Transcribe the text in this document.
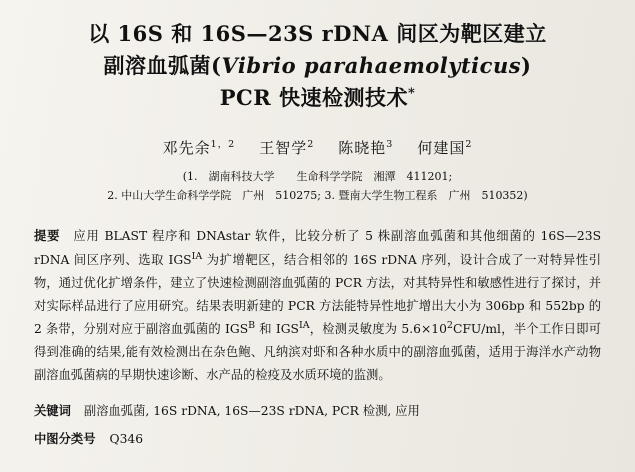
以 16S 和 16S—23S rDNA 间区为靶区建立
副溶血弧菌(Vibrio parahaemolyticus)
PCR 快速检测技术*
邓先余$^{1,2}$ 王智学$^2$ 陈晓艳$^3$ 何建国$^2$
(1.　湖南科技大学　　生命科学学院　湘潭　411201;
2. 中山大学生命科学学院　广州　510275; 3. 暨南大学生物工程系　广州　510352)
提要 应用 BLAST 程序和 DNAstar 软件，比较分析了 5 株副溶血弧菌和其他细菌的 16S—23S rDNA 间区序列、选取 $IGS^{IA}$ 为扩增靶区，结合相邻的 16S rDNA 序列，设计合成了一对特异性引物，通过优化扩增条件，建立了快速检测副溶血弧菌的 PCR 方法，对其特异性和敏感性进行了探讨，并对实际样品进行了应用研究。结果表明新建的 PCR 方法能特异性地扩增出大小为 306bp 和 552bp 的 2 条带，分别对应于副溶血弧菌的 $IGS^B$ 和 $IGS^{IA}$，检测灵敏度为 $5.6\times 10^2CFU/ml$，半个工作日即可得到准确的结果,能有效检测出在杂色鲍、凡纳滨对虾和各种水质中的副溶血弧菌，适用于海洋水产动物副溶血弧菌病的早期快速诊断、水产品的检疫及水质环境的监测。
关键词 副溶血弧菌, 16S rDNA, 16S—23S rDNA, PCR 检测, 应用
中图分类号 Q346
